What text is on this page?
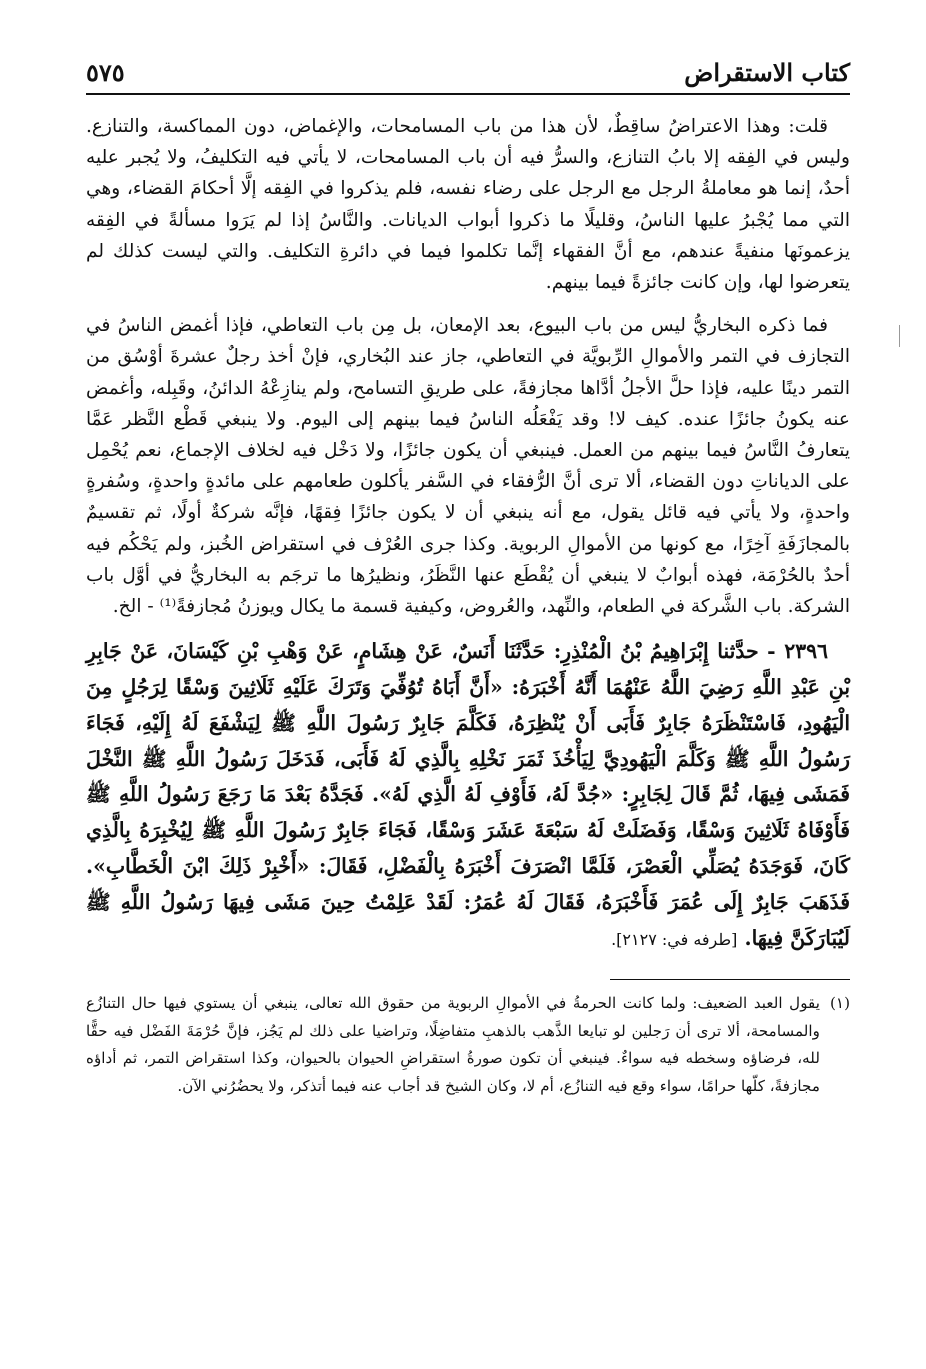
كتاب الاستقراض
٥٧٥

قلت: وهذا الاعتراضُ ساقِطٌ، لأن هذا من باب المسامحات، والإغماض، دون المماكسة، والتنازع. وليس في الفِقه إلا بابُ التنازع، والسرُّ فيه أن باب المسامحات، لا يأتي فيه التكليفُ، ولا يُجبر عليه أحدٌ، إنما هو معاملةُ الرجل مع الرجل على رضاء نفسه، فلم يذكروا في الفِقه إلَّا أحكامَ القضاء، وهي التي مما يُجْبرُ عليها الناسُ، وقليلًا ما ذكروا أبواب الديانات. والنَّاسُ إذا لم يَرَوا مسألةً في الفِقه يزعمونَها منفيةً عندهم، مع أنَّ الفقهاء إنَّما تكلموا فيما في دائرةِ التكليف. والتي ليست كذلك لم يتعرضوا لها، وإن كانت جائزةً فيما بينهم.

فما ذكره البخاريُّ ليس من باب البيوع، بعد الإمعان، بل مِن باب التعاطي، فإذا أغمض الناسُ في التجازف في التمر والأموالِ الرِّبويَّة في التعاطي، جاز عند البُخاري، فإنْ أخذ رجلٌ عشرةَ أوْسُق من التمر دينًا عليه، فإذا حلَّ الأجلُ أدَّاها مجازفةً، على طريقِ التسامح، ولم ينازِعْهُ الدائنُ، وقَبِله، وأغمض عنه يكونُ جائزًا عنده. كيف لا! وقد يَفْعَلُه الناسُ فيما بينهم إلى اليوم. ولا ينبغي قَطْع النَّظر عَمَّا يتعارفُ النَّاسُ فيما بينهم من العمل. فينبغي أن يكون جائزًا، ولا دَخْل فيه لخلاف الإجماع، نعم يُحْمِل على الدياناتِ دون القضاء، ألا ترى أنَّ الرُّفقاء في السَّفر يأكلون طعامهم على مائدةٍ واحدةٍ، وسُفرةٍ واحدةٍ، ولا يأتي فيه قائل يقول، مع أنه ينبغي أن لا يكون جائزًا فِقهًا، فإنَّه شركةٌ أولًا، ثم تقسيمٌ بالمجازَفَةِ آخِرًا، مع كونها من الأموالِ الربوية. وكذا جرى العُرْف في استقراض الخُبز، ولم يَحْكُم فيه أحدٌ بالحُرْمَة، فهذه أبوابٌ لا ينبغي أن يُقْطَع عنها النَّظَرُ، ونظيرُها ما ترجَم به البخاريُّ في أوَّل باب الشركة. باب الشَّركة في الطعام، والنِّهد، والعُروض، وكيفية قسمة ما يكال ويوزنُ مُجازفةً⁽¹⁾ - الخ.

٢٣٩٦ - حدَّثنا إِبْرَاهِيمُ بْنُ الْمُنْذِرِ: حَدَّثَنَا أَنَسٌ، عَنْ هِشَامٍ، عَنْ وَهْبِ بْنِ كَيْسَانَ، عَنْ جَابِرِ بْنِ عَبْدِ اللَّهِ رَضِيَ اللَّهُ عَنْهُمَا أَنَّهُ أَخْبَرَهُ: «أَنَّ أَبَاهُ تُوُفِّيَ وَتَرَكَ عَلَيْهِ ثَلَاثِينَ وَسْقًا لِرَجُلٍ مِنَ الْيَهُودِ، فَاسْتَنْظَرَهُ جَابِرٌ فَأَبَى أَنْ يُنْظِرَهُ، فَكَلَّمَ جَابِرٌ رَسُولَ اللَّهِ ﷺ لِيَشْفَعَ لَهُ إِلَيْهِ، فَجَاءَ رَسُولُ اللَّهِ ﷺ وَكَلَّمَ الْيَهُودِيَّ لِيَأْخُذَ ثَمَرَ نَخْلِهِ بِالَّذِي لَهُ فَأَبَى، فَدَخَلَ رَسُولُ اللَّهِ ﷺ النَّخْلَ فَمَشَى فِيهَا، ثُمَّ قَالَ لِجَابِرٍ: «جُدَّ لَهُ، فَأَوْفِ لَهُ الَّذِي لَهُ». فَجَدَّهُ بَعْدَ مَا رَجَعَ رَسُولُ اللَّهِ ﷺ فَأَوْفَاهُ ثَلَاثِينَ وَسْقًا، وَفَضَلَتْ لَهُ سَبْعَةَ عَشَرَ وَسْقًا، فَجَاءَ جَابِرٌ رَسُولَ اللَّهِ ﷺ لِيُخْبِرَهُ بِالَّذِي كَانَ، فَوَجَدَهُ يُصَلِّي الْعَصْرَ، فَلَمَّا انْصَرَفَ أَخْبَرَهُ بِالْفَضْلِ، فَقَالَ: «أَخْبِرْ ذَلِكَ ابْنَ الْخَطَّابِ». فَذَهَبَ جَابِرٌ إِلَى عُمَرَ فَأَخْبَرَهُ، فَقَالَ لَهُ عُمَرُ: لَقَدْ عَلِمْتُ حِينَ مَشَى فِيهَا رَسُولُ اللَّهِ ﷺ لَيُبَارَكَنَّ فِيهَا. [طرفه في: ٢١٢٧].
(١)
يقول العبد الضعيف: ولما كانت الحرمةُ في الأموالِ الربوية من حقوق الله تعالى، ينبغي أن يستوي فيها حال التنازُع والمسامحة، ألا ترى أن رَجلين لو تبايعا الذَّهب بالذهبِ متفاضِلًا، وتراضيا على ذلك لم يَجُز، فإنَّ حُرْمَةَ الفَضْل فيه حقًّا لله، فرضاؤه وسخطه فيه سواءٌ. فينبغي أن تكون صورةُ استقراضِ الحيوان بالحيوان، وكذا استقراض التمر، ثم أداؤه مجازفةً، كلّها حرامًا، سواء وقع فيه التنازُع، أم لا، وكان الشيخ قد أجاب عنه فيما أتذكر، ولا يحضُرُني الآن.
